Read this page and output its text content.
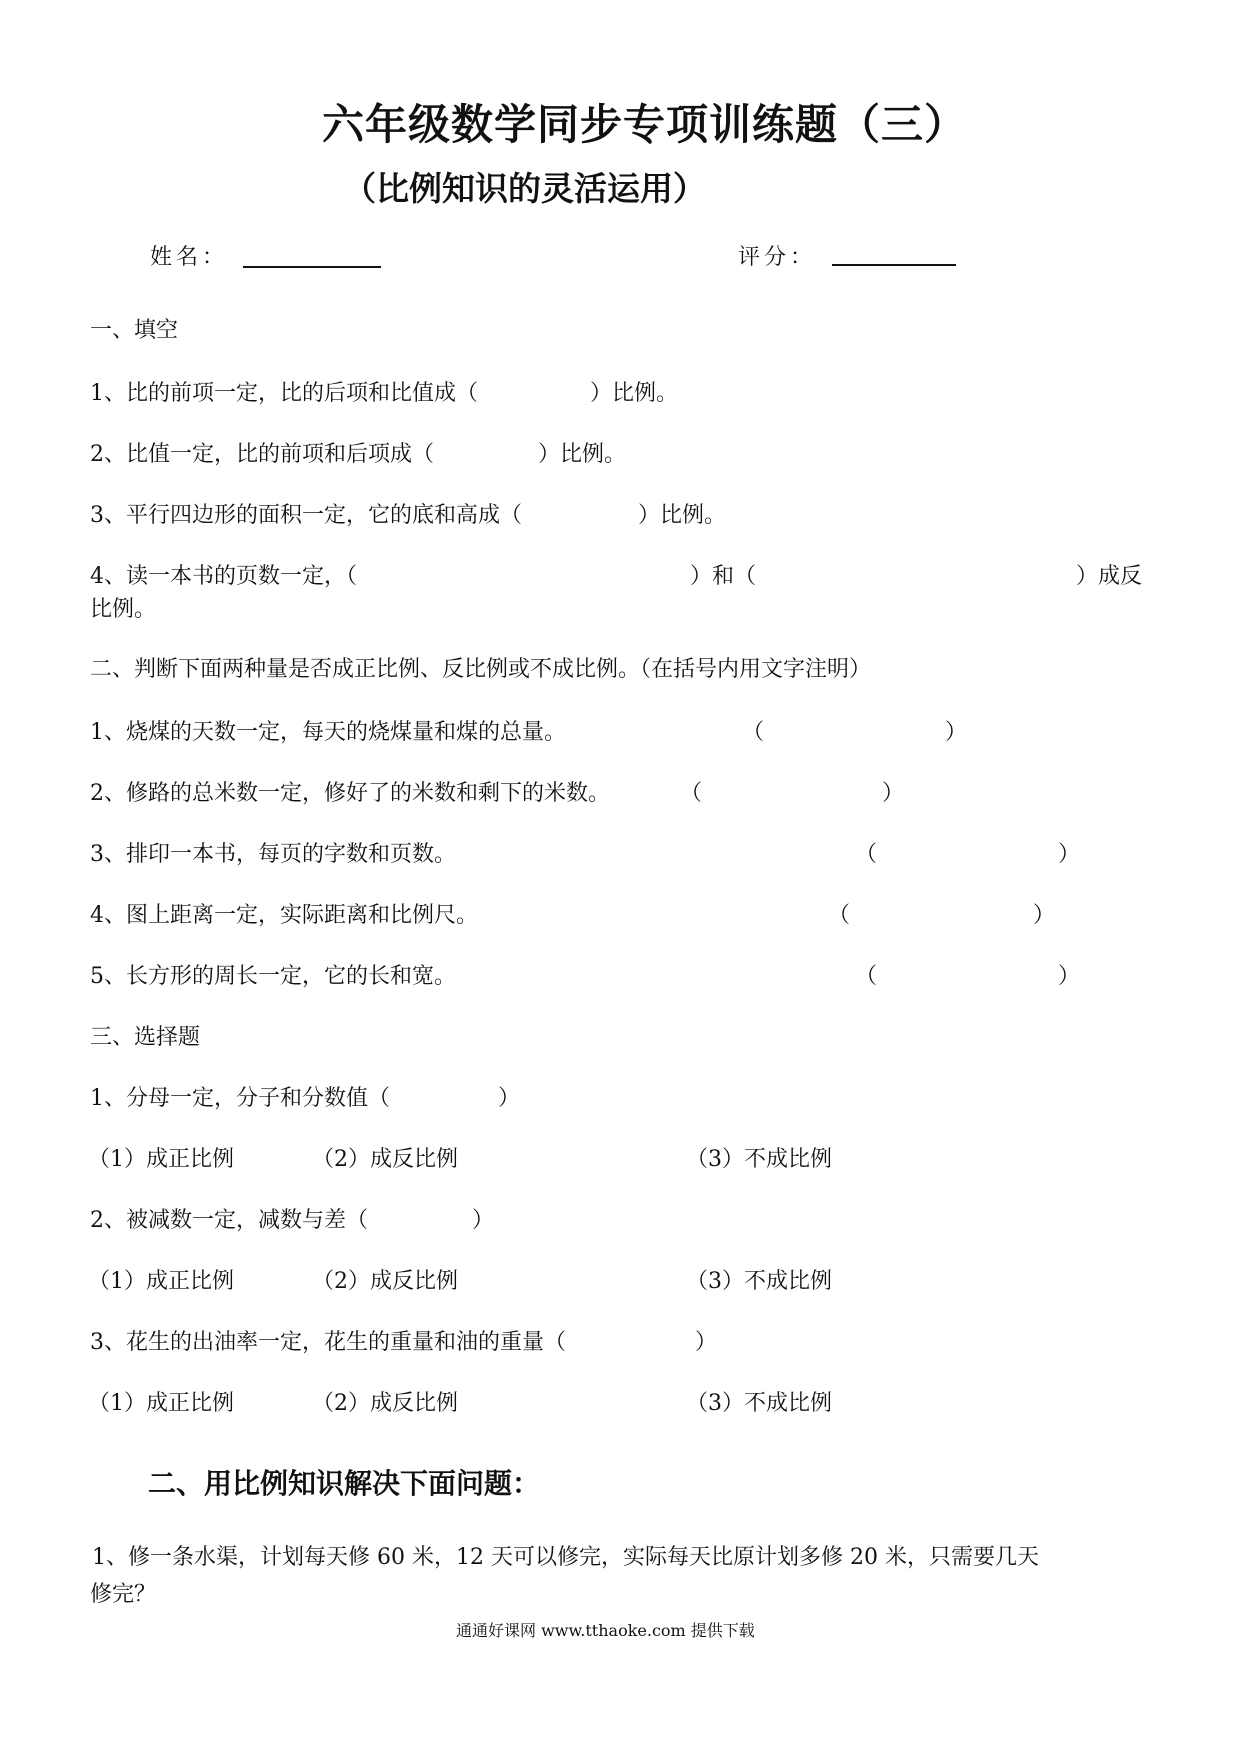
六年级数学同步专项训练题（三）
（比例知识的灵活运用）
姓名：	评分：
一、填空
1、比的前项一定，比的后项和比值成（	）比例。
2、比值一定，比的前项和后项成（	）比例。
3、平行四边形的面积一定，它的底和高成（	）比例。
4、读一本书的页数一定，（	）和（	）成反
比例。
二、判断下面两种量是否成正比例、反比例或不成比例。（在括号内用文字注明）
1、烧煤的天数一定，每天的烧煤量和煤的总量。	（	）
2、修路的总米数一定，修好了的米数和剩下的米数。	（	）
3、排印一本书，每页的字数和页数。	（	）
4、图上距离一定，实际距离和比例尺。	（	）
5、长方形的周长一定，它的长和宽。	（	）
三、选择题
1、分母一定，分子和分数值（	）
（1）成正比例	（2）成反比例	（3）不成比例
2、被减数一定，减数与差（	）
（1）成正比例	（2）成反比例	（3）不成比例
3、花生的出油率一定，花生的重量和油的重量（	）
（1）成正比例	（2）成反比例	（3）不成比例
二、用比例知识解决下面问题：
1、修一条水渠，计划每天修 60 米，12 天可以修完，实际每天比原计划多修 20 米，只需要几天
修完？
通通好课网 www.tthaoke.com 提供下载
